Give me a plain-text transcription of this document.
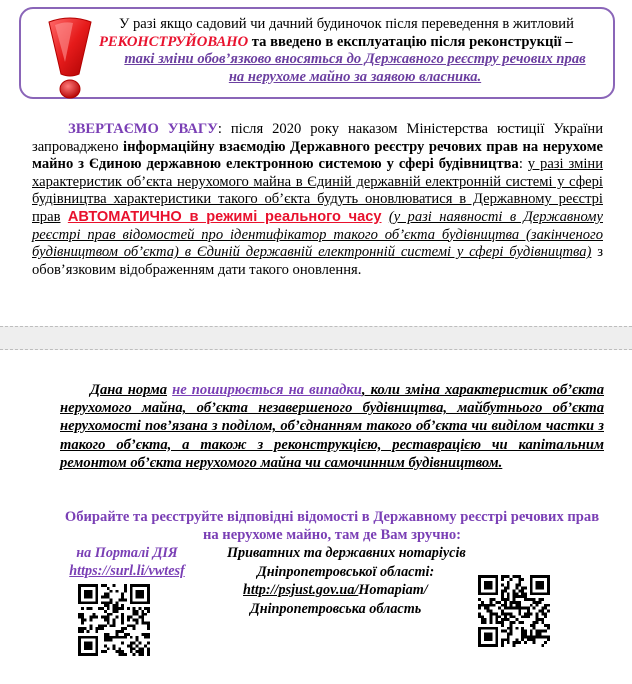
У разі якщо садовий чи дачний будиночок після переведення в житловий
РЕКОНСТРУЙОВАНО та введено в експлуатацію після реконструкції –
такі зміни обов’язково вносяться до Державного реєстру речових прав
на нерухоме майно за заявою власника.
ЗВЕРТАЄМО УВАГУ: після 2020 року наказом Міністерства юстиції України запроваджено інформаційну взаємодію Державного реєстру речових прав на нерухоме майно з Єдиною державною електронною системою у сфері будівництва: у разі зміни характеристик об’єкта нерухомого майна в Єдиній державній електронній системі у сфері будівництва характеристики такого об’єкта будуть оновлюватися в Державному реєстрі прав АВТОМАТИЧНО в режимі реального часу (у разі наявності в Державному реєстрі прав відомостей про ідентифікатор такого об’єкта будівництва (закінченого будівництвом об’єкта) в Єдиній державній електронній системі у сфері будівництва) з обов’язковим відображенням дати такого оновлення.
Дана норма не поширюється на випадки, коли зміна характеристик об’єкта нерухомого майна, об’єкта незавершеного будівництва, майбутнього об’єкта нерухомості пов’язана з поділом, об’єднанням такого об’єкта чи виділом частки з такого об’єкта, а також з реконструкцією, реставрацією чи капітальним ремонтом об’єкта нерухомого майна чи самочинним будівництвом.
Обирайте та реєструйте відповідні відомості в Державному реєстрі речових прав на нерухоме майно, там де Вам зручно:
на Порталі ДІЯ
https://surl.li/vwtesf
Приватних та державних нотаріусів
Дніпропетровської області:
http://psjust.gov.ua/Нотаріат/
Дніпропетровська область
